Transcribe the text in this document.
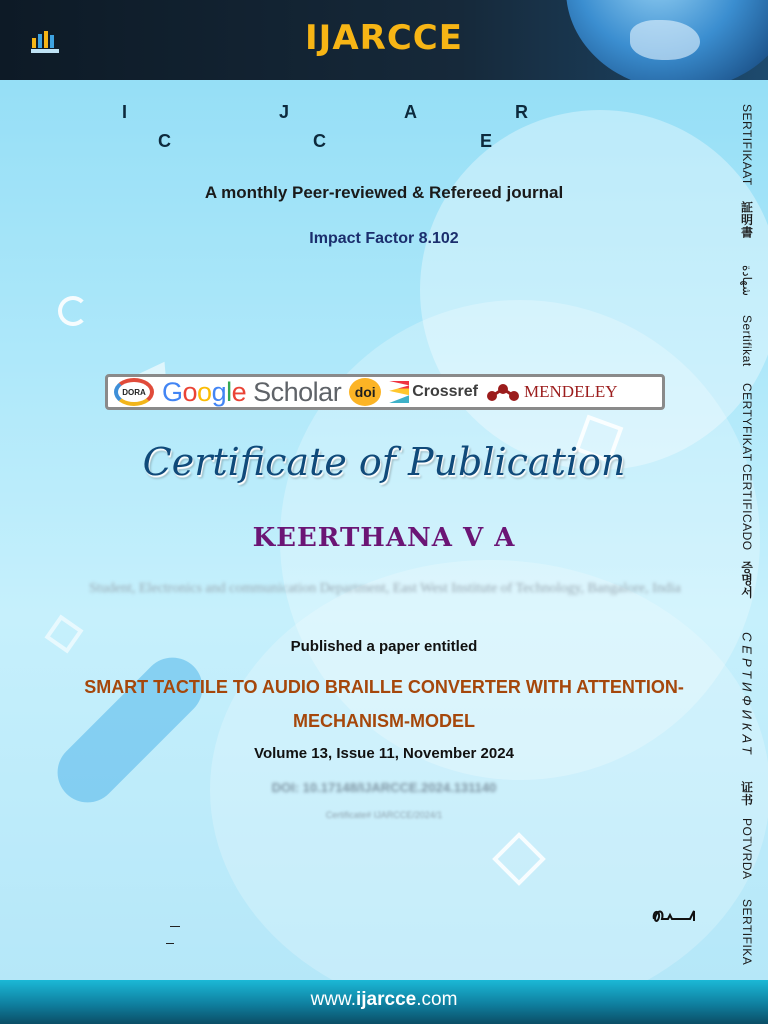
IJARCCE
I	J	A	R
C	C	E
A monthly Peer-reviewed & Refereed journal
Impact Factor 8.102
DORA Google Scholar doi	Crossref	MENDELEY
Certificate of Publication
KEERTHANA V A
Student, Electronics and communication Department, East West Institute of Technology, Bangalore, India
Published a paper entitled
SMART TACTILE TO AUDIO BRAILLE CONVERTER WITH ATTENTION-MECHANISM-MODEL
Volume 13, Issue 11, November 2024
DOI: 10.17148/IJARCCE.2024.131140
Certificate# IJARCCE/2024/1
SERTIFIKAAT
証明書
شهادة
Sertifikat
CERTYFIKAT
CERTIFICADO
증명서
СЕРТИФИКАТ
证书
POTVRDA
SERTIFIKA
www.ijarcce.com
